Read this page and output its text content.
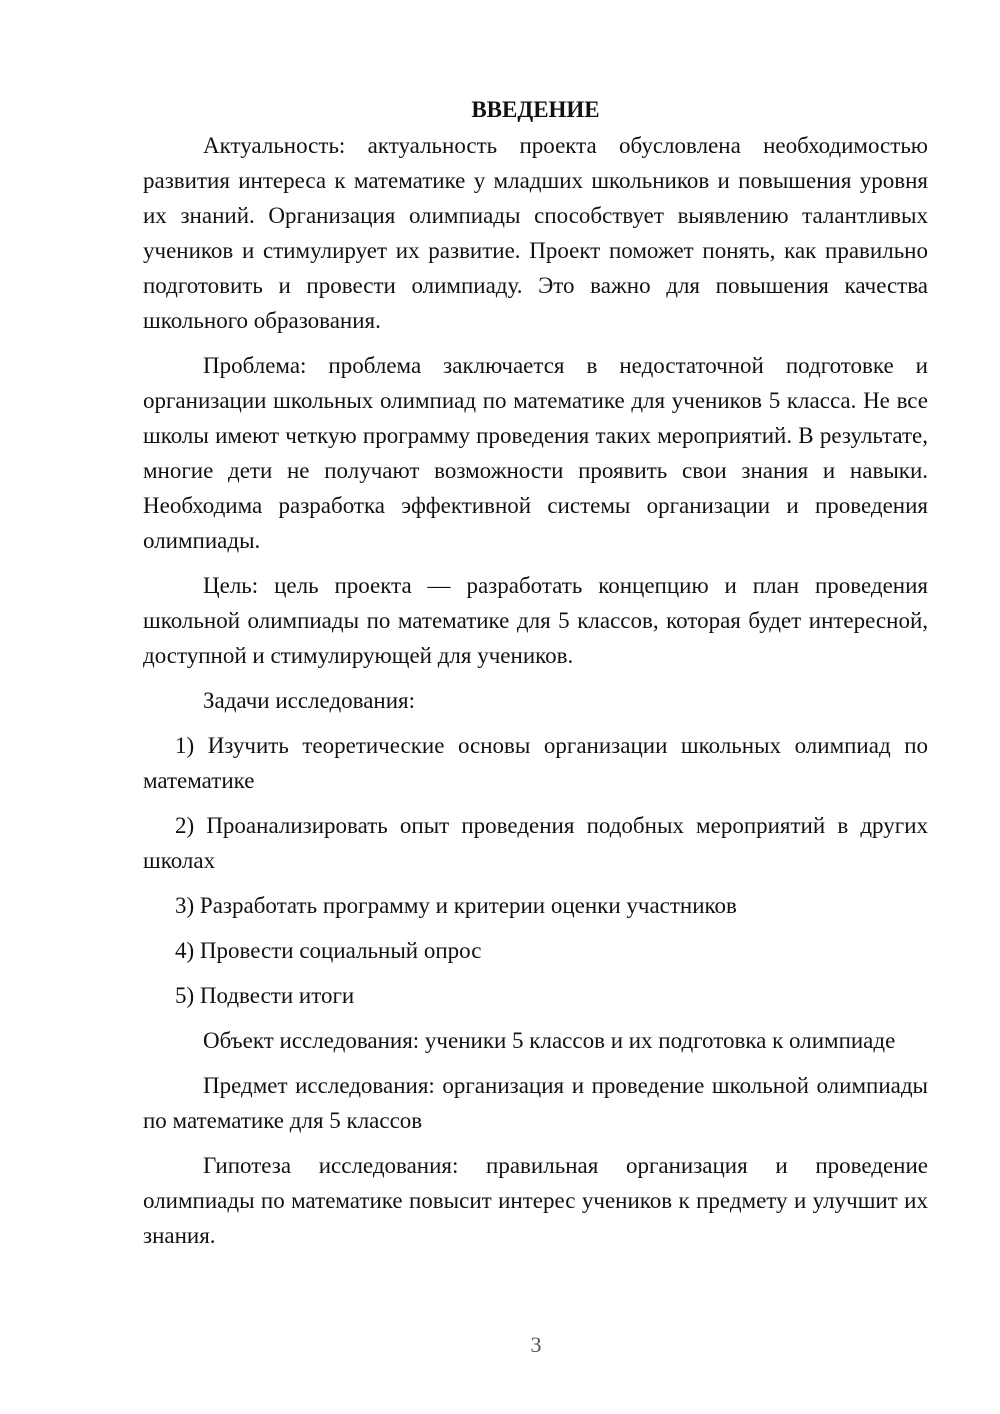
ВВЕДЕНИЕ

Актуальность: актуальность проекта обусловлена необходимостью развития интереса к математике у младших школьников и повышения уровня их знаний. Организация олимпиады способствует выявлению талантливых учеников и стимулирует их развитие. Проект поможет понять, как правильно подготовить и провести олимпиаду. Это важно для повышения качества школьного образования.

Проблема: проблема заключается в недостаточной подготовке и организации школьных олимпиад по математике для учеников 5 класса. Не все школы имеют четкую программу проведения таких мероприятий. В результате, многие дети не получают возможности проявить свои знания и навыки. Необходима разработка эффективной системы организации и проведения олимпиады.

Цель: цель проекта — разработать концепцию и план проведения школьной олимпиады по математике для 5 классов, которая будет интересной, доступной и стимулирующей для учеников.

Задачи исследования:

1) Изучить теоретические основы организации школьных олимпиад по математике
2) Проанализировать опыт проведения подобных мероприятий в других школах
3) Разработать программу и критерии оценки участников
4) Провести социальный опрос
5) Подвести итоги

Объект исследования: ученики 5 классов и их подготовка к олимпиаде

Предмет исследования: организация и проведение школьной олимпиады по математике для 5 классов

Гипотеза исследования: правильная организация и проведение олимпиады по математике повысит интерес учеников к предмету и улучшит их знания.

3
